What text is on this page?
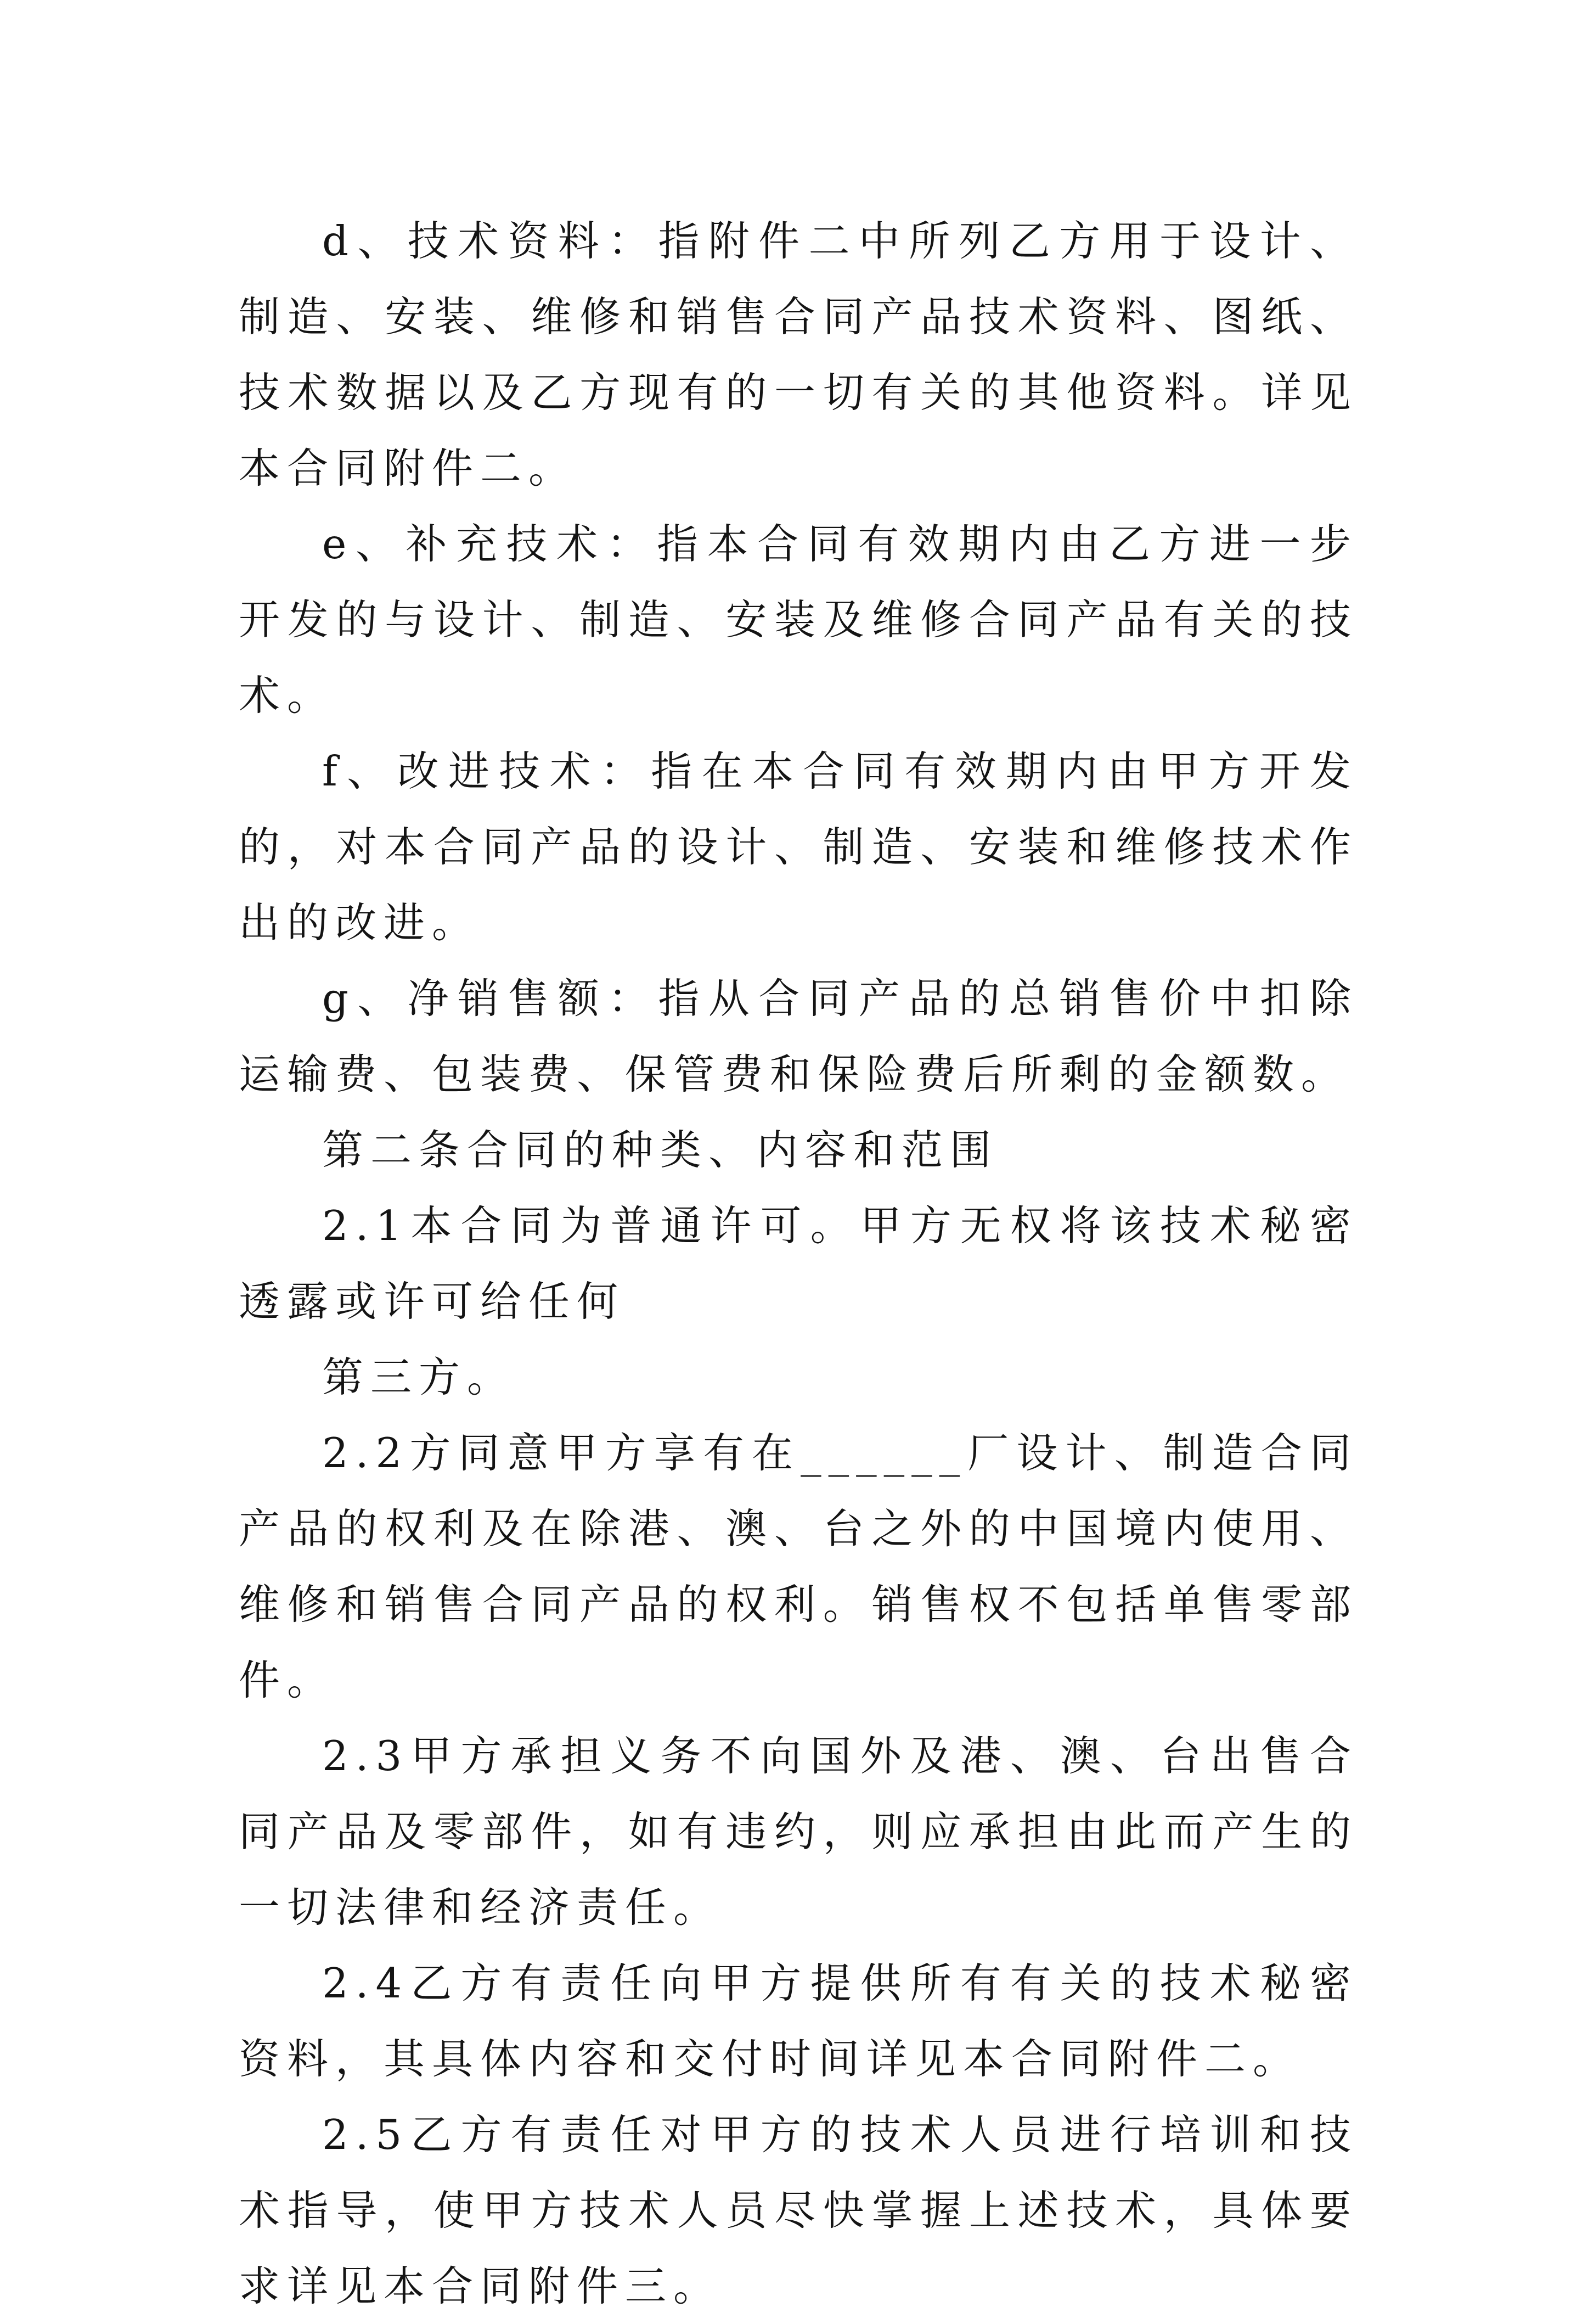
d、技术资料：指附件二中所列乙方用于设计、制造、安装、维修和销售合同产品技术资料、图纸、技术数据以及乙方现有的一切有关的其他资料。详见本合同附件二。

e、补充技术：指本合同有效期内由乙方进一步开发的与设计、制造、安装及维修合同产品有关的技术。

f、改进技术：指在本合同有效期内由甲方开发的，对本合同产品的设计、制造、安装和维修技术作出的改进。

g、净销售额：指从合同产品的总销售价中扣除运输费、包装费、保管费和保险费后所剩的金额数。

第二条合同的种类、内容和范围

2.1本合同为普通许可。甲方无权将该技术秘密透露或许可给任何

第三方。

2.2方同意甲方享有在______厂设计、制造合同产品的权利及在除港、澳、台之外的中国境内使用、维修和销售合同产品的权利。销售权不包括单售零部件。

2.3甲方承担义务不向国外及港、澳、台出售合同产品及零部件，如有违约，则应承担由此而产生的一切法律和经济责任。

2.4乙方有责任向甲方提供所有有关的技术秘密资料，其具体内容和交付时间详见本合同附件二。

2.5乙方有责任对甲方的技术人员进行培训和技术指导，使甲方技术人员尽快掌握上述技术，具体要求详见本合同附件三。
